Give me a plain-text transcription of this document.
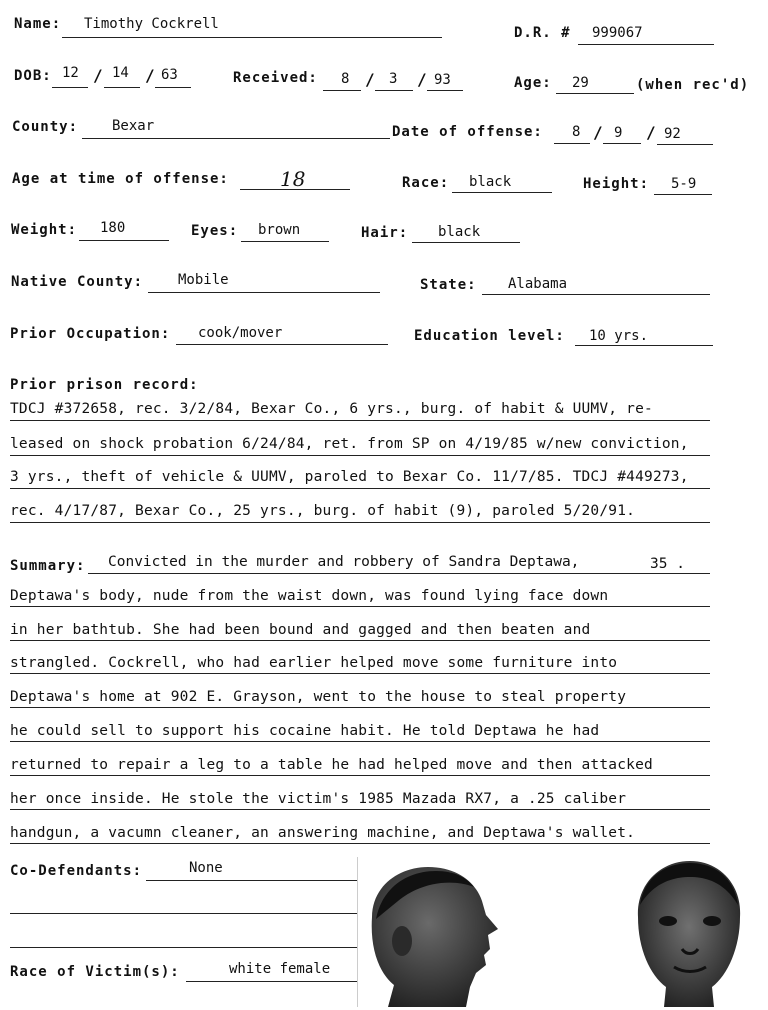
Name: Timothy Cockrell
D.R. # 999067
DOB: 12 / 14 / 63	Received: 8 / 3 / 93	Age: 29	(when rec'd)
County: Bexar	Date of offense: 8 / 9 / 92
Age at time of offense:	18	Race: black	Height: 5-9
Weight: 180	Eyes: brown	Hair: black
Native County: Mobile	State: Alabama
Prior Occupation: cook/mover	Education level: 10 yrs.
Prior prison record:
TDCJ #372658, rec. 3/2/84, Bexar Co., 6 yrs., burg. of habit & UUMV, re-
leased on shock probation 6/24/84, ret. from SP on 4/19/85 w/new conviction,
3 yrs., theft of vehicle & UUMV, paroled to Bexar Co. 11/7/85. TDCJ #449273,
rec. 4/17/87, Bexar Co., 25 yrs., burg. of habit (9), paroled 5/20/91.
Summary: Convicted in the murder and robbery of Sandra Deptawa,	35 .
Deptawa's body, nude from the waist down, was found lying face down
in her bathtub. She had been bound and gagged and then beaten and
strangled. Cockrell, who had earlier helped move some furniture into
Deptawa's home at 902 E. Grayson, went to the house to steal property
he could sell to support his cocaine habit. He told Deptawa he had
returned to repair a leg to a table he had helped move and then attacked
her once inside. He stole the victim's 1985 Mazada RX7, a .25 caliber
handgun, a vacumn cleaner, an answering machine, and Deptawa's wallet.
Co-Defendants:	None
Race of Victim(s):	white female
